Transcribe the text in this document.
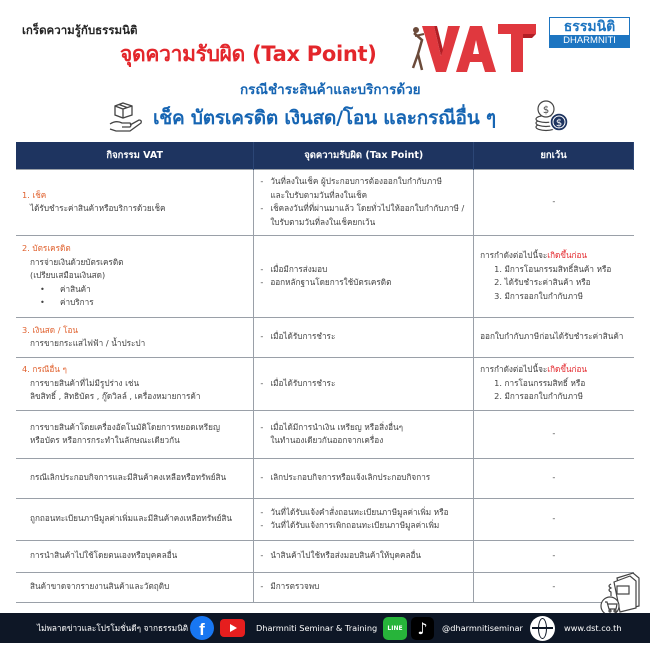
เกร็ดความรู้กับธรรมนิติ
จุดความรับผิด (Tax Point)
ธรรมนิติ
DHARMNITI
กรณีชำระสินค้าและบริการด้วย
เช็ค บัตรเครดิต เงินสด/โอน และกรณีอื่น ๆ	$
$
กิจกรรม VAT	จุดความรับผิด (Tax Point)	ยกเว้น
1. เช็ค
ได้รับชำระค่าสินค้าหรือบริการด้วยเช็ค	- วันที่ลงในเช็ค ผู้ประกอบการต้องออกใบกำกับภาษี
และใบรับตามวันที่ลงในเช็ค
- เช็คลงวันที่ที่ผ่านมาแล้ว โดยทั่วไปให้ออกใบกำกับภาษี /
ใบรับตามวันที่ลงในเช็คยกเว้น	-
2. บัตรเครดิต
การจ่ายเงินด้วยบัตรเครดิต
(เปรียบเสมือนเงินสด)
• ค่าสินค้า
• ค่าบริการ	- เมื่อมีการส่งมอบ
- ออกหลักฐานโดยการใช้บัตรเครดิต	การกำดังต่อไปนี้จะเกิดขึ้นก่อน
1. มีการโอนกรรมสิทธิ์สินค้า หรือ
2. ได้รับชำระค่าสินค้า หรือ
3. มีการออกใบกำกับภาษี

3. เงินสด / โอน
การขายกระแสไฟฟ้า / น้ำประปา	- เมื่อได้รับการชำระ	ออกใบกำกับภาษีก่อนได้รับชำระค่าสินค้า
4. กรณีอื่น ๆ
การขายสินค้าที่ไม่มีรูปร่าง เช่น
ลิขสิทธิ์ , สิทธิบัตร , กู๊ดวิลล์ , เครื่องหมายการค้า	- เมื่อได้รับการชำระ	การกำดังต่อไปนี้จะเกิดขึ้นก่อน
1. การโอนกรรมสิทธิ์ หรือ
2. มีการออกใบกำกับภาษี

การขายสินค้าโดยเครื่องอัตโนมัติโดยการหยอดเหรียญ
หรือบัตร หรือการกระทำในลักษณะเดียวกัน	- เมื่อได้มีการนำเงิน เหรียญ หรือสิ่งอื่นๆ
ในทำนองเดียวกันออกจากเครื่อง	-

กรณีเลิกประกอบกิจการและมีสินค้าคงเหลือหรือทรัพย์สิน	- เลิกประกอบกิจการหรือแจ้งเลิกประกอบกิจการ	-

ถูกถอนทะเบียนภาษีมูลค่าเพิ่มและมีสินค้าคงเหลือทรัพย์สิน	- วันที่ได้รับแจ้งคำสั่งถอนทะเบียนภาษีมูลค่าเพิ่ม หรือ
- วันที่ได้รับแจ้งการเพิกถอนทะเบียนภาษีมูลค่าเพิ่ม	-

การนำสินค้าไปใช้โดยตนเองหรือบุคคลอื่น	- นำสินค้าไปใช้หรือส่งมอบสินค้าให้บุคคลอื่น	-

สินค้าขาดจากรายงานสินค้าและวัตถุดิบ	- มีการตรวจพบ	-
ไม่พลาดข่าวและโปรโมชั่นดีๆ จากธรรมนิติ f	Dharmniti Seminar & Training	LINE ♪	@dharmnitiseminar	www.dst.co.th
